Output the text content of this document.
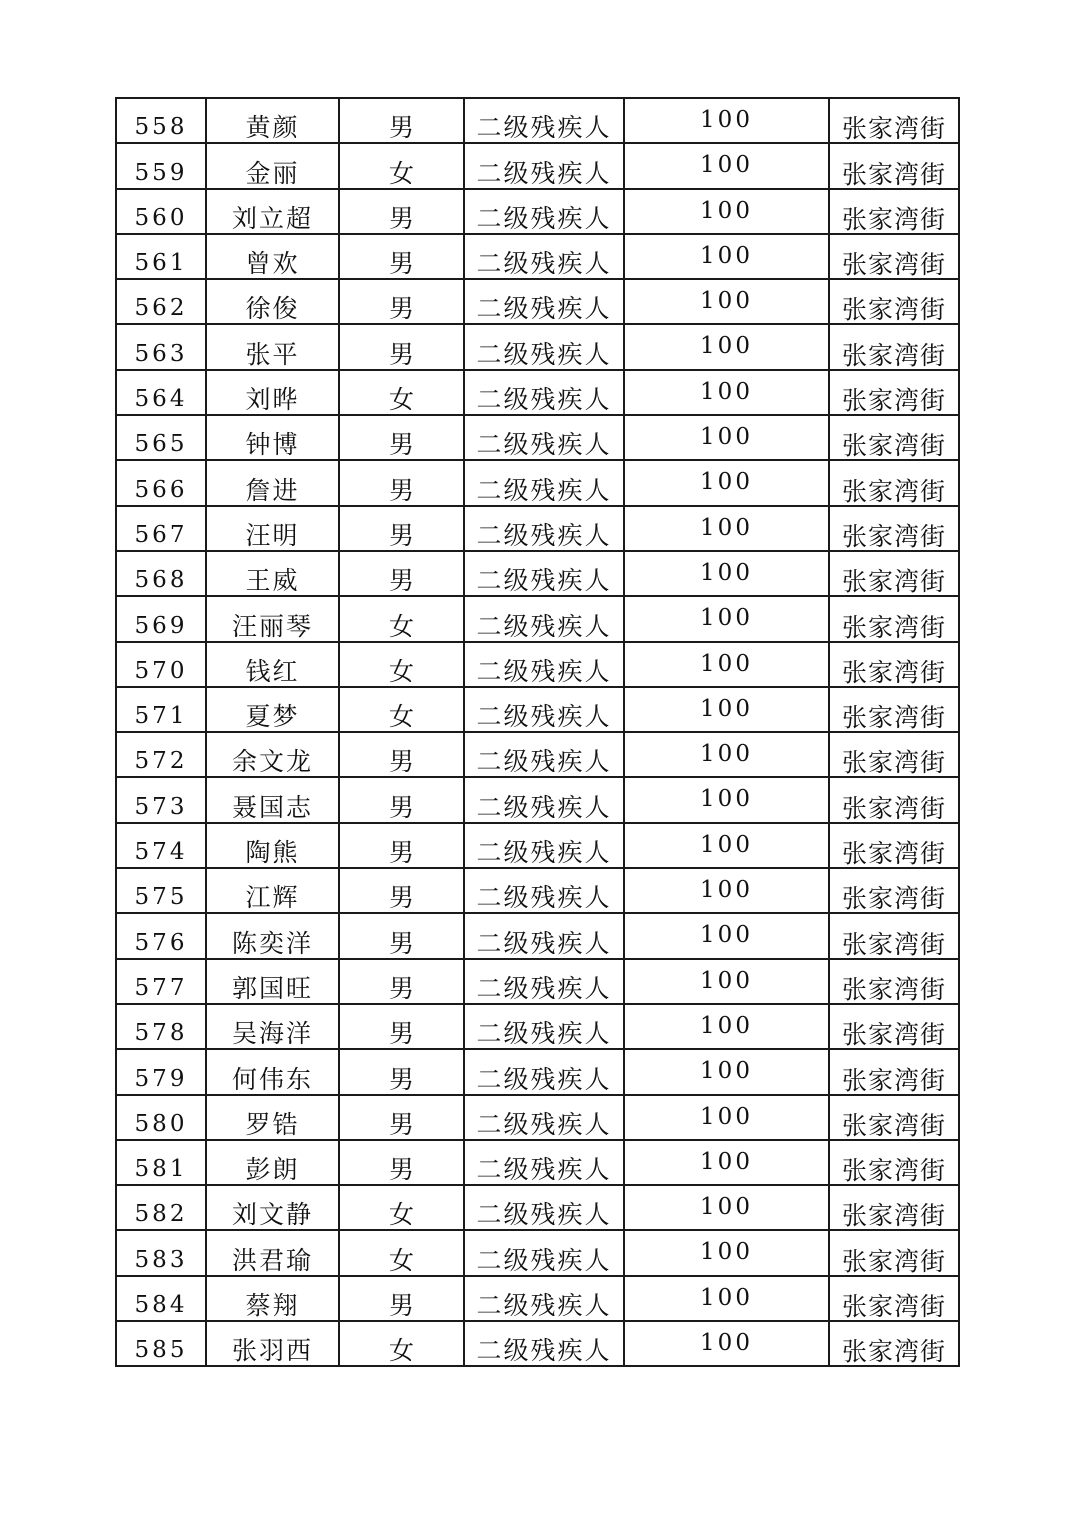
558	黄颜	男	二级残疾人	100	张家湾街
559	金丽	女	二级残疾人	100	张家湾街
560	刘立超	男	二级残疾人	100	张家湾街
561	曾欢	男	二级残疾人	100	张家湾街
562	徐俊	男	二级残疾人	100	张家湾街
563	张平	男	二级残疾人	100	张家湾街
564	刘晔	女	二级残疾人	100	张家湾街
565	钟博	男	二级残疾人	100	张家湾街
566	詹进	男	二级残疾人	100	张家湾街
567	汪明	男	二级残疾人	100	张家湾街
568	王威	男	二级残疾人	100	张家湾街
569	汪丽琴	女	二级残疾人	100	张家湾街
570	钱红	女	二级残疾人	100	张家湾街
571	夏梦	女	二级残疾人	100	张家湾街
572	余文龙	男	二级残疾人	100	张家湾街
573	聂国志	男	二级残疾人	100	张家湾街
574	陶熊	男	二级残疾人	100	张家湾街
575	江辉	男	二级残疾人	100	张家湾街
576	陈奕洋	男	二级残疾人	100	张家湾街
577	郭国旺	男	二级残疾人	100	张家湾街
578	吴海洋	男	二级残疾人	100	张家湾街
579	何伟东	男	二级残疾人	100	张家湾街
580	罗锆	男	二级残疾人	100	张家湾街
581	彭朗	男	二级残疾人	100	张家湾街
582	刘文静	女	二级残疾人	100	张家湾街
583	洪君瑜	女	二级残疾人	100	张家湾街
584	蔡翔	男	二级残疾人	100	张家湾街
585	张羽西	女	二级残疾人	100	张家湾街
